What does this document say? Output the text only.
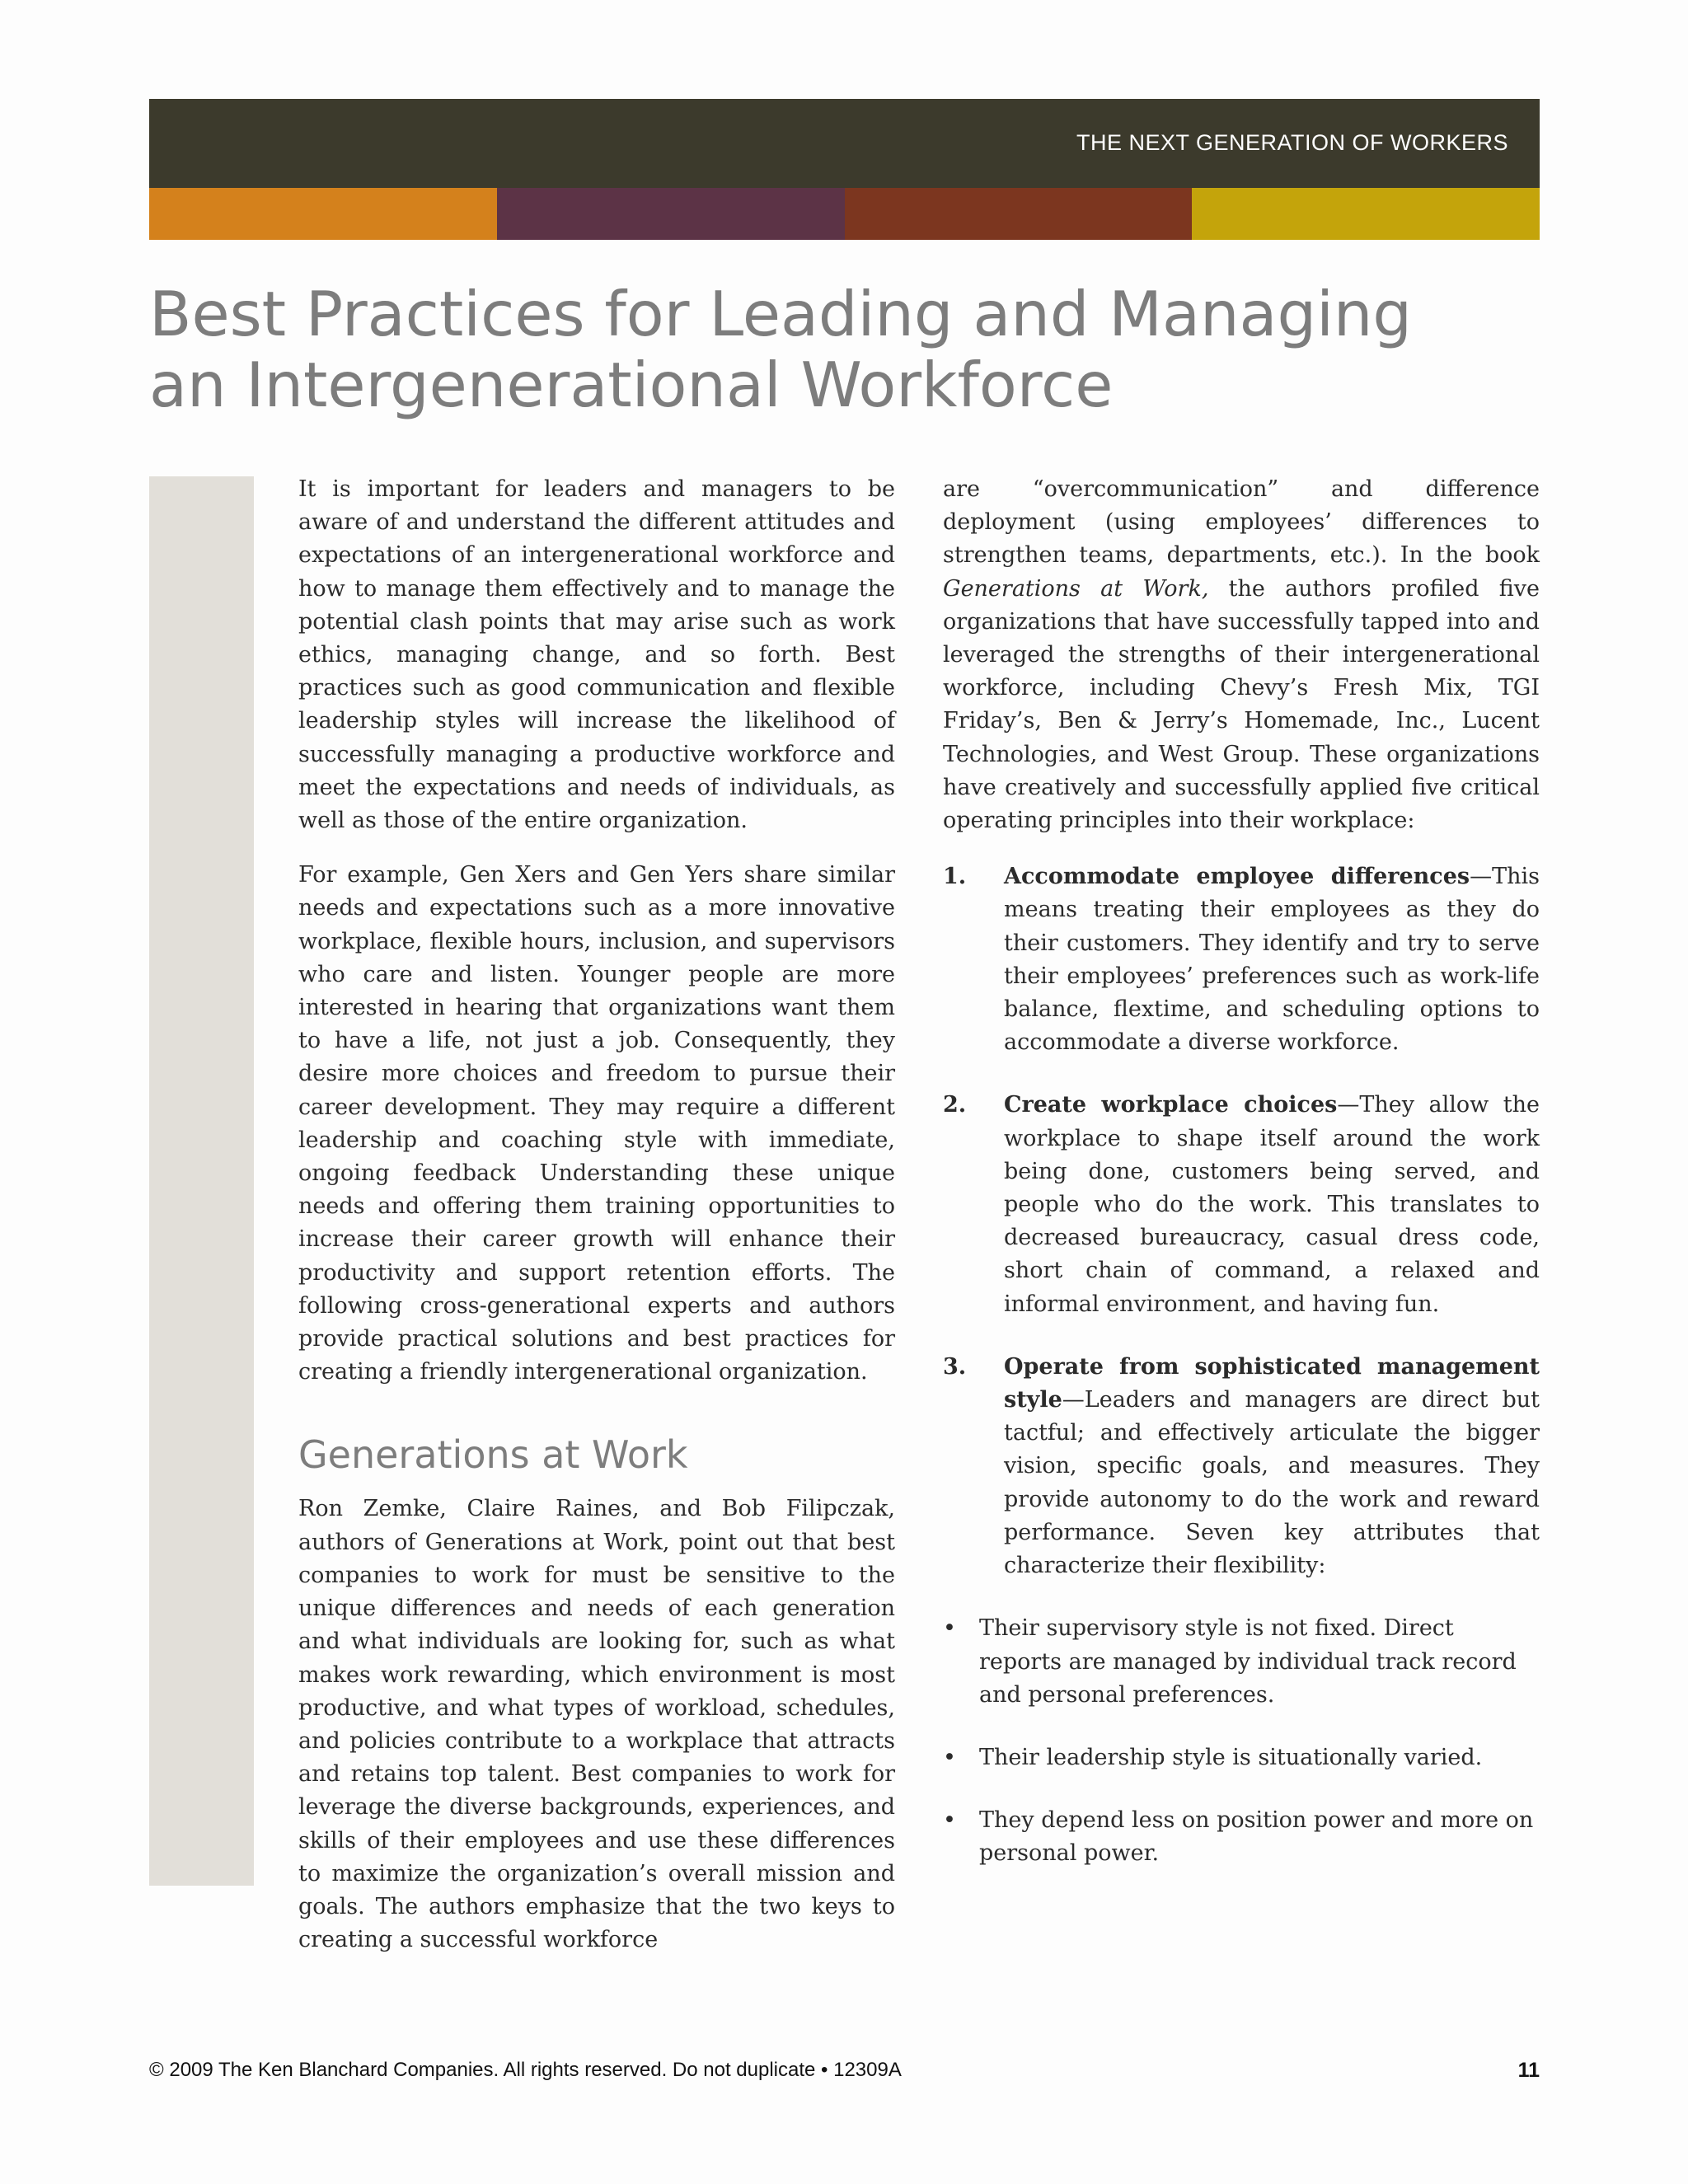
THE NEXT GENERATION OF WORKERS
Best Practices for Leading and Managing
an Intergenerational Workforce

It is important for leaders and managers to be aware of and understand the different attitudes and expectations of an intergenerational workforce and how to manage them effectively and to manage the potential clash points that may arise such as work ethics, managing change, and so forth. Best practices such as good communication and flexible leadership styles will increase the likelihood of successfully managing a productive workforce and meet the expectations and needs of individuals, as well as those of the entire organization.

For example, Gen Xers and Gen Yers share similar needs and expectations such as a more innovative workplace, flexible hours, inclusion, and supervisors who care and listen. Younger people are more interested in hearing that organizations want them to have a life, not just a job. Consequently, they desire more choices and freedom to pursue their career development. They may require a different leadership and coaching style with immediate, ongoing feedback Understanding these unique needs and offering them training opportunities to increase their career growth will enhance their productivity and support retention efforts. The following cross-generational experts and authors provide practical solutions and best practices for creating a friendly intergenerational organization.

Generations at Work

Ron Zemke, Claire Raines, and Bob Filipczak, authors of Generations at Work, point out that best companies to work for must be sensitive to the unique differences and needs of each generation and what individuals are looking for, such as what makes work rewarding, which environment is most productive, and what types of workload, schedules, and policies contribute to a workplace that attracts and retains top talent. Best companies to work for leverage the diverse backgrounds, experiences, and skills of their employees and use these differences to maximize the organization’s overall mission and goals. The authors emphasize that the two keys to creating a successful workforce

are “overcommunication” and difference deployment (using employees’ differences to strengthen teams, departments, etc.). In the book Generations at Work, the authors profiled five organizations that have successfully tapped into and leveraged the strengths of their intergenerational workforce, including Chevy’s Fresh Mix, TGI Friday’s, Ben & Jerry’s Homemade, Inc., Lucent Technologies, and West Group. These organizations have creatively and successfully applied five critical operating principles into their workplace:

1. Accommodate employee differences—This means treating their employees as they do their customers. They identify and try to serve their employees’ preferences such as work-life balance, flextime, and scheduling options to accommodate a diverse workforce.
2. Create workplace choices—They allow the workplace to shape itself around the work being done, customers being served, and people who do the work. This translates to decreased bureaucracy, casual dress code, short chain of command, a relaxed and informal environment, and having fun.
3. Operate from sophisticated management style—Leaders and managers are direct but tactful; and effectively articulate the bigger vision, specific goals, and measures. They provide autonomy to do the work and reward performance. Seven key attributes that characterize their flexibility:
• Their supervisory style is not fixed. Direct reports are managed by individual track record and personal preferences.
• Their leadership style is situationally varied.
• They depend less on position power and more on personal power.
© 2009 The Ken Blanchard Companies. All rights reserved. Do not duplicate • 12309A	11
